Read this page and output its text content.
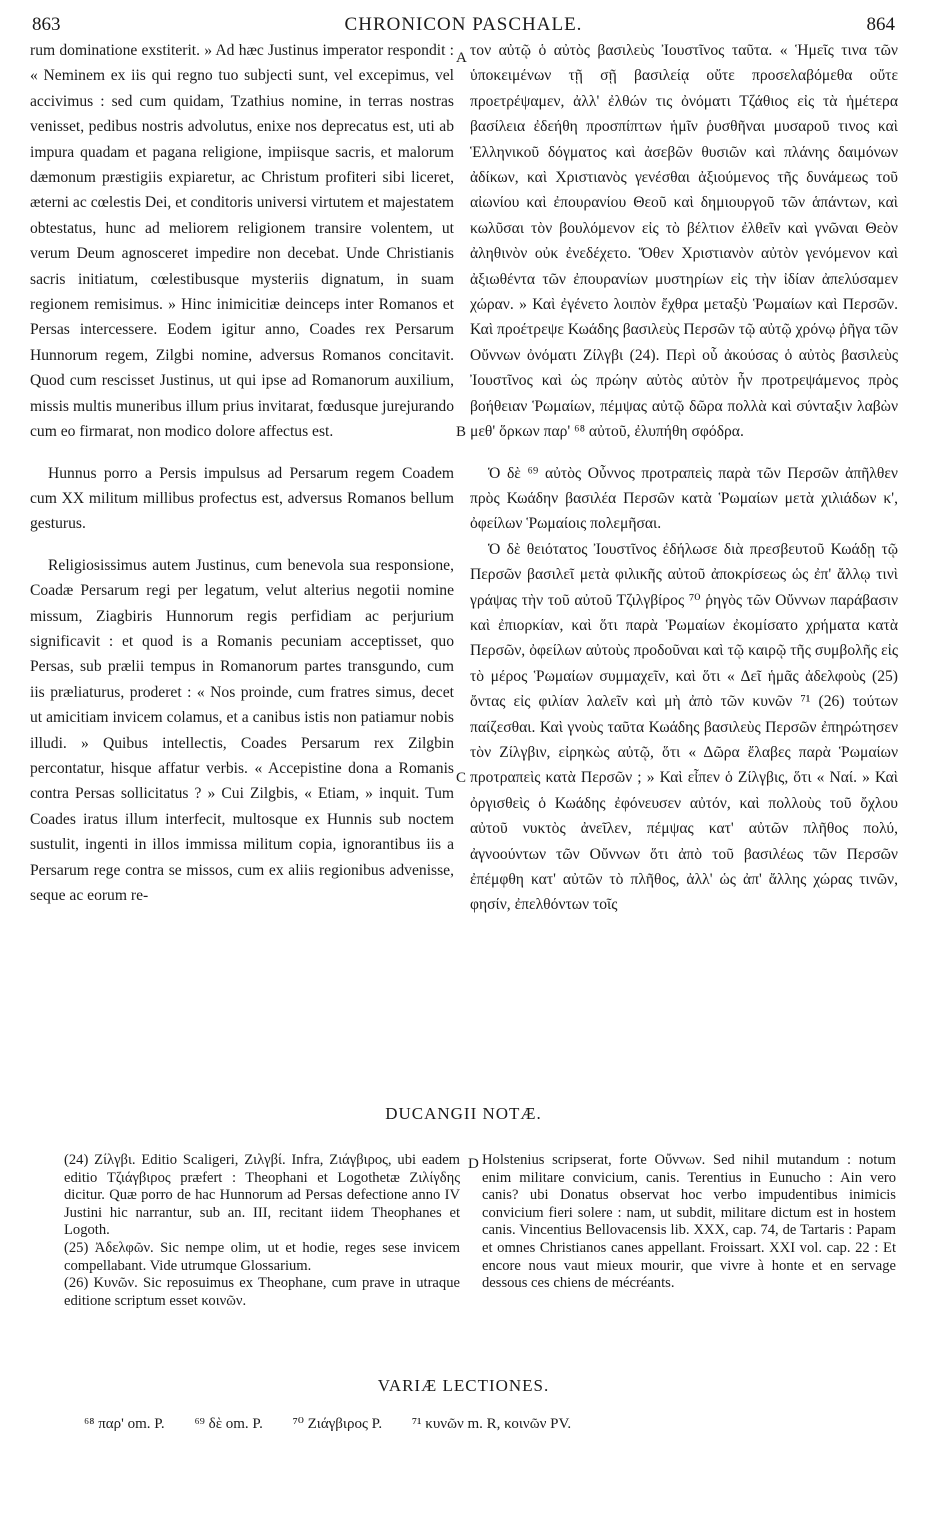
863	CHRONICON PASCHALE.	864

rum dominatione exstiterit. » Ad hæc Justinus imperator respondit : « Neminem ex iis qui regno tuo subjecti sunt, vel excepimus, vel accivimus : sed cum quidam, Tzathius nomine, in terras nostras venisset, pedibus nostris advolutus, enixe nos deprecatus est, uti ab impura quadam et pagana religione, impiisque sacris, et malorum dæmonum præstigiis expiaretur, ac Christum profiteri sibi liceret, æterni ac cœlestis Dei, et conditoris universi virtutem et majestatem obtestatus, hunc ad meliorem religionem transire volentem, ut verum Deum agnosceret impedire non decebat. Unde Christianis sacris initiatum, cœlestibusque mysteriis dignatum, in suam regionem remisimus. » Hinc inimicitiæ deinceps inter Romanos et Persas intercessere. Eodem igitur anno, Coades rex Persarum Hunnorum regem, Zilgbi nomine, adversus Romanos concitavit. Quod cum rescisset Justinus, ut qui ipse ad Romanorum auxilium, missis multis muneribus illum prius invitarat, fœdusque jurejurando cum eo firmarat, non modico dolore affectus est.

Hunnus porro a Persis impulsus ad Persarum regem Coadem cum XX militum millibus profectus est, adversus Romanos bellum gesturus.

Religiosissimus autem Justinus, cum benevola sua responsione, Coadæ Persarum regi per legatum, velut alterius negotii nomine missum, Ziagbiris Hunnorum regis perfidiam ac perjurium significavit : et quod is a Romanis pecuniam acceptisset, quo Persas, sub prælii tempus in Romanorum partes transgundo, cum iis præliaturus, proderet : « Nos proinde, cum fratres simus, decet ut amicitiam invicem colamus, et a canibus istis non patiamur nobis illudi. » Quibus intellectis, Coades Persarum rex Zilgbin percontatur, hisque affatur verbis. « Accepistine dona a Romanis contra Persas sollicitatus ? » Cui Zilgbis, « Etiam, » inquit. Tum Coades iratus illum interfecit, multosque ex Hunnis sub noctem sustulit, ingenti in illos immissa militum copia, ignorantibus iis a Persarum rege contra se missos, cum ex aliis regionibus advenisse, seque ac eorum re-

A
B
C
D

τον αὐτῷ ὁ αὐτὸς βασιλεὺς Ἰουστῖνος ταῦτα. « Ἡμεῖς τινα τῶν ὑποκειμένων τῇ σῇ βασιλείᾳ οὔτε προσελαβόμεθα οὔτε προετρέψαμεν, ἀλλ' ἐλθών τις ὀνόματι Τζάθιος εἰς τὰ ἡμέτερα βασίλεια ἐδεήθη προσπίπτων ἡμῖν ῥυσθῆναι μυσαροῦ τινος καὶ Ἑλληνικοῦ δόγματος καὶ ἀσεβῶν θυσιῶν καὶ πλάνης δαιμόνων ἀδίκων, καὶ Χριστιανὸς γενέσθαι ἀξιούμενος τῆς δυνάμεως τοῦ αἰωνίου καὶ ἐπουρανίου Θεοῦ καὶ δημιουργοῦ τῶν ἁπάντων, καὶ κωλῦσαι τὸν βουλόμενον εἰς τὸ βέλτιον ἐλθεῖν καὶ γνῶναι Θεὸν ἀληθινὸν οὐκ ἐνεδέχετο. Ὅθεν Χριστιανὸν αὐτὸν γενόμενον καὶ ἀξιωθέντα τῶν ἐπουρανίων μυστηρίων εἰς τὴν ἰδίαν ἀπελύσαμεν χώραν. » Καὶ ἐγένετο λοιπὸν ἔχθρα μεταξὺ Ῥωμαίων καὶ Περσῶν. Καὶ προέτρεψε Κωάδης βασιλεὺς Περσῶν τῷ αὐτῷ χρόνῳ ῥῆγα τῶν Οὔννων ὀνόματι Ζίλγβι (24). Περὶ οὗ ἀκούσας ὁ αὐτὸς βασιλεὺς Ἰουστῖνος καὶ ὡς πρώην αὐτὸς αὐτὸν ἦν προτρεψάμενος πρὸς βοήθειαν Ῥωμαίων, πέμψας αὐτῷ δῶρα πολλὰ καὶ σύνταξιν λαβὼν μεθ' ὅρκων παρ' ⁶⁸ αὐτοῦ, ἐλυπήθη σφόδρα.

Ὁ δὲ ⁶⁹ αὐτὸς Οὖννος προτραπεὶς παρὰ τῶν Περσῶν ἀπῆλθεν πρὸς Κωάδην βασιλέα Περσῶν κατὰ Ῥωμαίων μετὰ χιλιάδων κ', ὀφείλων Ῥωμαίοις πολεμῆσαι.

Ὁ δὲ θειότατος Ἰουστῖνος ἐδήλωσε διὰ πρεσβευτοῦ Κωάδῃ τῷ Περσῶν βασιλεῖ μετὰ φιλικῆς αὐτοῦ ἀποκρίσεως ὡς ἐπ' ἄλλῳ τινὶ γράψας τὴν τοῦ αὐτοῦ Τζιλγβίρος ⁷⁰ ῥηγὸς τῶν Οὔννων παράβασιν καὶ ἐπιορκίαν, καὶ ὅτι παρὰ Ῥωμαίων ἐκομίσατο χρήματα κατὰ Περσῶν, ὀφείλων αὐτοὺς προδοῦναι καὶ τῷ καιρῷ τῆς συμβολῆς εἰς τὸ μέρος Ῥωμαίων συμμαχεῖν, καὶ ὅτι « Δεῖ ἡμᾶς ἀδελφοὺς (25) ὄντας εἰς φιλίαν λαλεῖν καὶ μὴ ἀπὸ τῶν κυνῶν ⁷¹ (26) τούτων παίζεσθαι. Καὶ γνοὺς ταῦτα Κωάδης βασιλεὺς Περσῶν ἐπηρώτησεν τὸν Ζίλγβιν, εἰρηκὼς αὐτῷ, ὅτι « Δῶρα ἔλαβες παρὰ Ῥωμαίων προτραπεὶς κατὰ Περσῶν ; » Καὶ εἶπεν ὁ Ζίλγβις, ὅτι « Ναί. » Καὶ ὀργισθεὶς ὁ Κωάδης ἐφόνευσεν αὐτόν, καὶ πολλοὺς τοῦ ὄχλου αὐτοῦ νυκτὸς ἀνεῖλεν, πέμψας κατ' αὐτῶν πλῆθος πολύ, ἀγνοούντων τῶν Οὔννων ὅτι ἀπὸ τοῦ βασιλέως τῶν Περσῶν ἐπέμφθη κατ' αὐτῶν τὸ πλῆθος, ἀλλ' ὡς ἀπ' ἄλλης χώρας τινῶν, φησίν, ἐπελθόντων τοῖς

DUCANGII NOTÆ.

(24) Ζίλγβι. Editio Scaligeri, Ζιλγβί. Infra, Ζιάγβιρος, ubi eadem editio Τζιάγβιρος præfert : Theophani et Logothetæ Ζιλίγδης dicitur. Quæ porro de hac Hunnorum ad Persas defectione anno IV Justini hic narrantur, sub an. III, recitant iidem Theophanes et Logoth.

(25) Ἀδελφῶν. Sic nempe olim, ut et hodie, reges sese invicem compellabant. Vide utrumque Glossarium.

(26) Κυνῶν. Sic reposuimus ex Theophane, cum prave in utraque editione scriptum esset κοινῶν.

Holstenius scripserat, forte Οὔννων. Sed nihil mutandum : notum enim militare convicium, canis. Terentius in Eunucho : Ain vero canis? ubi Donatus observat hoc verbo impudentibus inimicis convicium fieri solere : nam, ut subdit, militare dictum est in hostem canis. Vincentius Bellovacensis lib. XXX, cap. 74, de Tartaris : Papam et omnes Christianos canes appellant. Froissart. XXI vol. cap. 22 : Et encore nous vaut mieux mourir, que vivre à honte et en servage dessous ces chiens de mécréants.

VARIÆ LECTIONES.
⁶⁸ παρ' om. P. ⁶⁹ δὲ om. P. ⁷⁰ Ζιάγβιρος P. ⁷¹ κυνῶν m. R, κοινῶν PV.
